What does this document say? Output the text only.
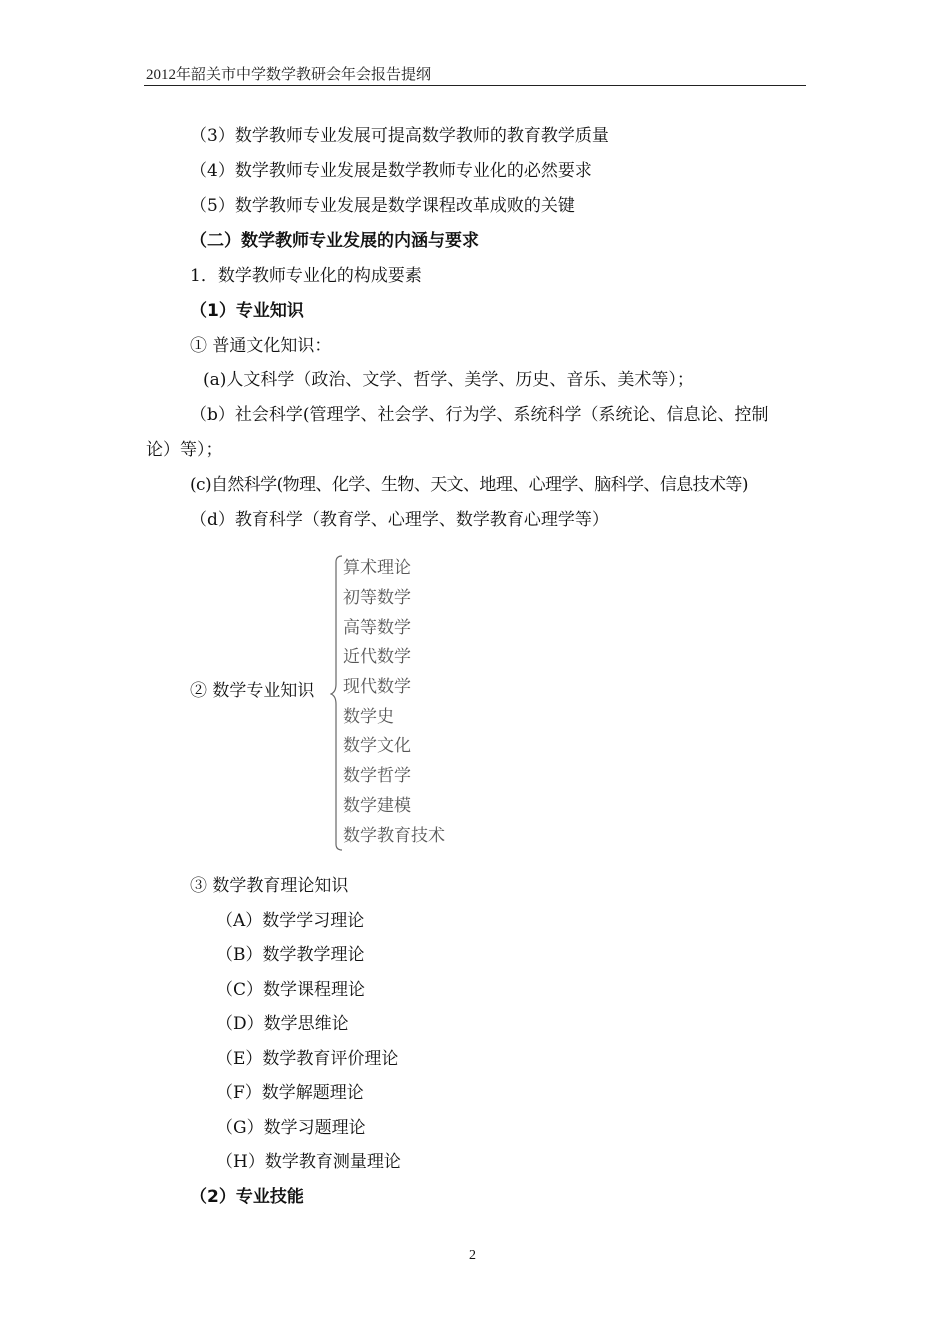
2012年韶关市中学数学教研会年会报告提纲
（3）数学教师专业发展可提高数学教师的教育教学质量
（4）数学教师专业发展是数学教师专业化的必然要求
（5）数学教师专业发展是数学课程改革成败的关键
（二）数学教师专业发展的内涵与要求
1．数学教师专业化的构成要素
（1）专业知识
① 普通文化知识：
(a)人文科学（政治、文学、哲学、美学、历史、音乐、美术等）；
（b）社会科学(管理学、社会学、行为学、系统科学（系统论、信息论、控制
论）等）；
(c)自然科学(物理、化学、生物、天文、地理、心理学、脑科学、信息技术等)
（d）教育科学（教育学、心理学、数学教育心理学等）
② 数学专业知识
算术理论
初等数学
高等数学
近代数学
现代数学
数学史
数学文化
数学哲学
数学建模
数学教育技术
③ 数学教育理论知识
（A）数学学习理论
（B）数学教学理论
（C）数学课程理论
（D）数学思维论
（E）数学教育评价理论
（F）数学解题理论
（G）数学习题理论
（H）数学教育测量理论
（2）专业技能
2
